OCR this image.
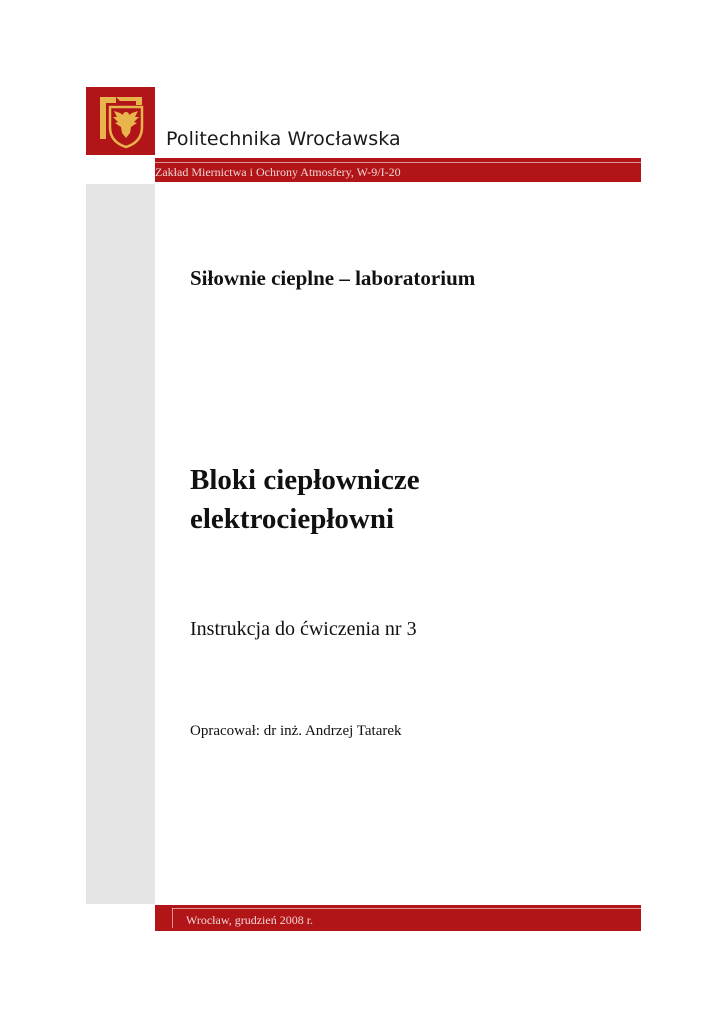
Politechnika Wrocławska
Zakład Miernictwa i Ochrony Atmosfery, W-9/I-20
Siłownie cieplne – laboratorium
Bloki ciepłownicze
elektrociepłowni
Instrukcja do ćwiczenia nr 3
Opracował: dr inż. Andrzej Tatarek
Wrocław, grudzień 2008 r.
